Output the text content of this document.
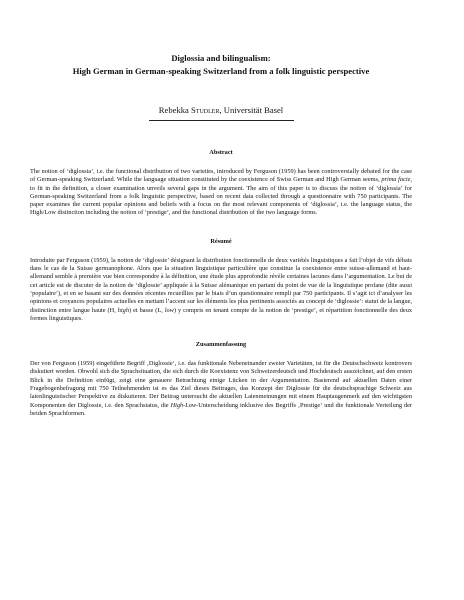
Diglossia and bilingualism:
High German in German-speaking Switzerland from a folk linguistic perspective
Rebekka Studler, Universität Basel
Abstract

The notion of ‘diglossia’, i.e. the functional distribution of two varieties, introduced by Ferguson (1959) has been controversially debated for the case of German-speaking Switzerland. While the language situation constituted by the coexistence of Swiss German and High German seems, prima facie, to fit in the definition, a closer examination unveils several gaps in the argument. The aim of this paper is to discuss the notion of ‘diglossia’ for German-speaking Switzerland from a folk linguistic perspective, based on recent data collected through a questionnaire with 750 participants. The paper examines the current popular opinions and beliefs with a focus on the most relevant components of ‘diglossia’, i.e. the language status, the High/Low distinction including the notion of ‘prestige’, and the functional distribution of the two language forms.

Résumé

Introduite par Ferguson (1959), la notion de ‘diglossie’ désignant la distribution fonctionnelle de deux variétés linguistiques a fait l’objet de vifs débats dans le cas de la Suisse germanophone. Alors que la situation linguistique particulière que constitue la coexistence entre suisse-allemand et haut-allemand semble à première vue bien correspondre à la définition, une étude plus approfondie révèle certaines lacunes dans l’argumentation. Le but de cet article est de discuter de la notion de ‘diglossie’ appliquée à la Suisse alémanique en partant du point de vue de la linguistique profane (dite aussi ‘populaire’), et en se basant sur des données récentes recueillies par le biais d’un questionnaire rempli par 750 participants. Il s’agit ici d’analyser les opinions et croyances populaires actuelles en mettant l’accent sur les éléments les plus pertinents associés au concept de ‘diglossie’: statut de la langue, distinction entre langue haute (H, high) et basse (L, low) y compris en tenant compte de la notion de ‘prestige’, et répartition fonctionnelle des deux formes linguistiques.

Zusammenfassung

Der von Ferguson (1959) eingeführte Begriff ‚Diglossie‘, i.e. das funktionale Nebeneinander zweier Varietäten, ist für die Deutschschweiz kontrovers diskutiert worden. Obwohl sich die Sprachsituation, die sich durch die Koexistenz von Schweizerdeutsch und Hochdeutsch auszeichnet, auf den ersten Blick in die Definition einfügt, zeigt eine genauere Betrachtung einige Lücken in der Argumentation. Basierend auf aktuellen Daten einer Fragebogenbefragung mit 750 Teilnehmenden ist es das Ziel dieses Beitrages, das Konzept der Diglossie für die deutschsprachige Schweiz aus laienlinguistischer Perspektive zu diskutieren. Der Beitrag untersucht die aktuellen Laienmeinungen mit einem Hauptaugenmerk auf den wichtigsten Komponenten der Diglossie, i.e. den Sprachstatus, die High-Low-Unterscheidung inklusive des Begriffs ‚Prestige‘ und die funktionale Verteilung der beiden Sprachformen.
